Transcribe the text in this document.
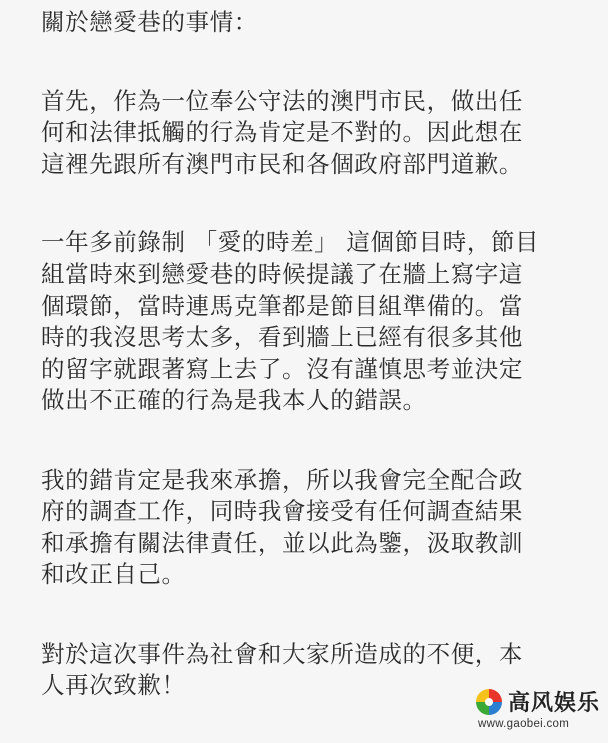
關於戀愛巷的事情：
首先，作為一位奉公守法的澳門市民，做出任
何和法律抵觸的行為肯定是不對的。因此想在
這裡先跟所有澳門市民和各個政府部門道歉。
一年多前錄制 「愛的時差」 這個節目時，節目
組當時來到戀愛巷的時候提議了在牆上寫字這
個環節，當時連馬克筆都是節目組準備的。當
時的我沒思考太多，看到牆上已經有很多其他
的留字就跟著寫上去了。沒有謹慎思考並決定
做出不正確的行為是我本人的錯誤。
我的錯肯定是我來承擔，所以我會完全配合政
府的調查工作，同時我會接受有任何調查結果
和承擔有關法律責任，並以此為鑒，汲取教訓
和改正自己。
對於這次事件為社會和大家所造成的不便，本
人再次致歉！
高风娱乐
www.gaobei.com
